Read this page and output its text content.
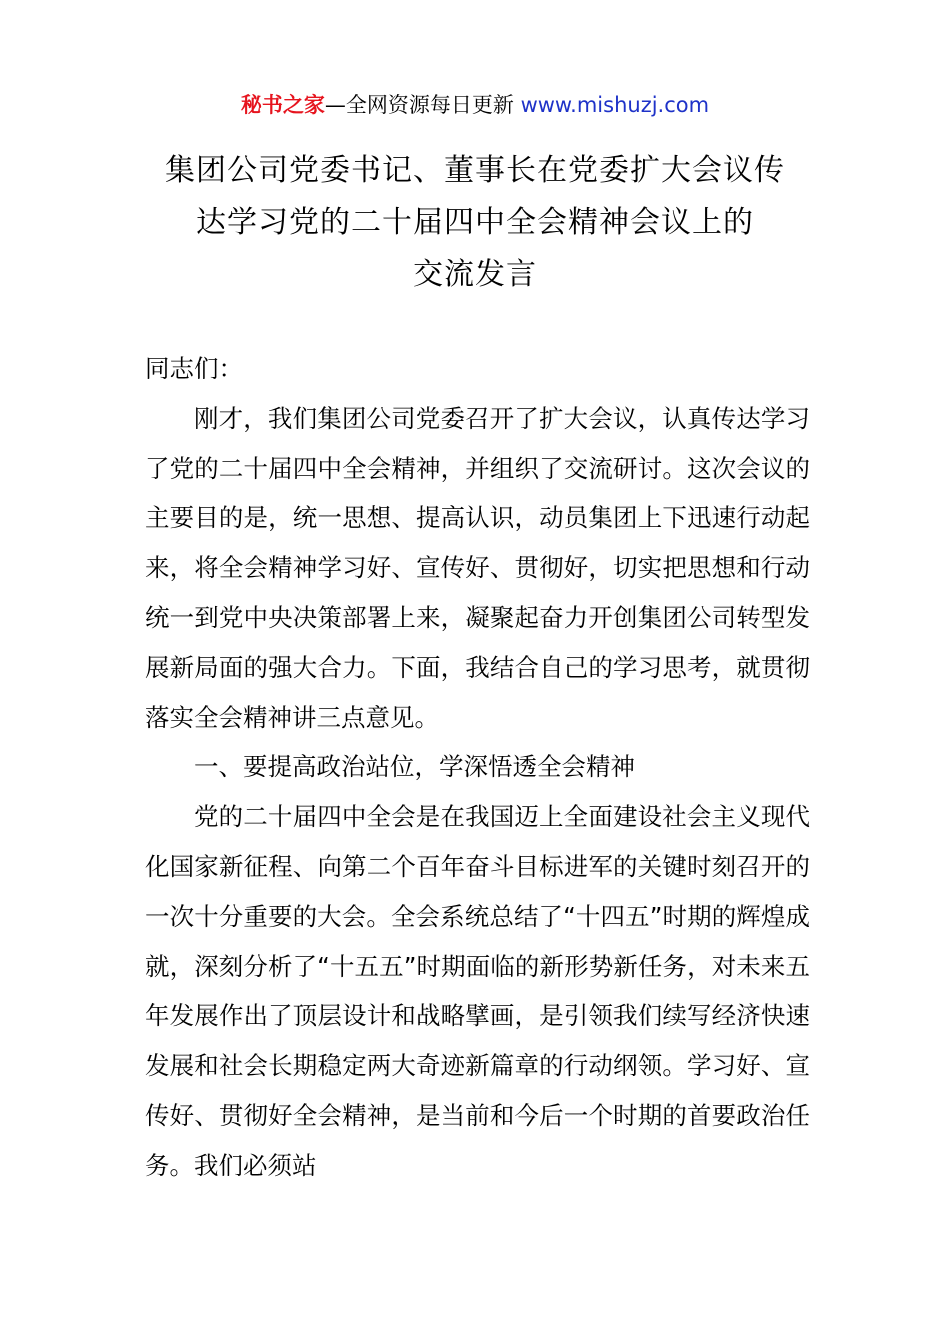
秘书之家—全网资源每日更新 www.mishuzj.com
集团公司党委书记、董事长在党委扩大会议传
达学习党的二十届四中全会精神会议上的
交流发言

同志们：

刚才，我们集团公司党委召开了扩大会议，认真传达学习了党的二十届四中全会精神，并组织了交流研讨。这次会议的主要目的是，统一思想、提高认识，动员集团上下迅速行动起来，将全会精神学习好、宣传好、贯彻好，切实把思想和行动统一到党中央决策部署上来，凝聚起奋力开创集团公司转型发展新局面的强大合力。下面，我结合自己的学习思考，就贯彻落实全会精神讲三点意见。

一、要提高政治站位，学深悟透全会精神

党的二十届四中全会是在我国迈上全面建设社会主义现代化国家新征程、向第二个百年奋斗目标进军的关键时刻召开的一次十分重要的大会。全会系统总结了“十四五”时期的辉煌成就，深刻分析了“十五五”时期面临的新形势新任务，对未来五年发展作出了顶层设计和战略擘画，是引领我们续写经济快速发展和社会长期稳定两大奇迹新篇章的行动纲领。学习好、宣传好、贯彻好全会精神，是当前和今后一个时期的首要政治任务。我们必须站
